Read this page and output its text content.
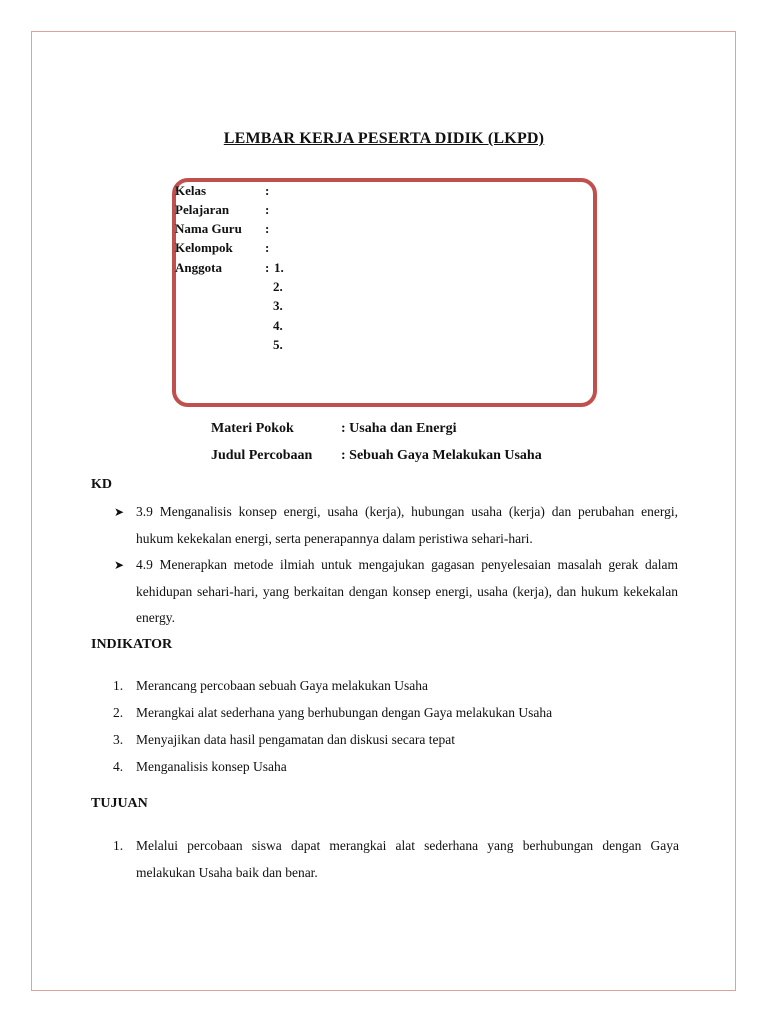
LEMBAR KERJA PESERTA DIDIK (LKPD)
Kelas	:
Pelajaran	:
Nama Guru :
Kelompok :
Anggota	: 1.
2.
3.
4.
5.
Materi Pokok	: Usaha dan Energi
Judul Percobaan : Sebuah Gaya Melakukan Usaha
KD
➤ 3.9 Menganalisis konsep energi, usaha (kerja), hubungan usaha (kerja) dan perubahan energi, hukum kekekalan energi, serta penerapannya dalam peristiwa sehari-hari.
➤ 4.9 Menerapkan metode ilmiah untuk mengajukan gagasan penyelesaian masalah gerak dalam kehidupan sehari-hari, yang berkaitan dengan konsep energi, usaha (kerja), dan hukum kekekalan energy.
INDIKATOR
1. Merancang percobaan sebuah Gaya melakukan Usaha
2. Merangkai alat sederhana yang berhubungan dengan Gaya melakukan Usaha
3. Menyajikan data hasil pengamatan dan diskusi secara tepat
4. Menganalisis konsep Usaha
TUJUAN
1. Melalui percobaan siswa dapat merangkai alat sederhana yang berhubungan dengan Gaya melakukan Usaha baik dan benar.
